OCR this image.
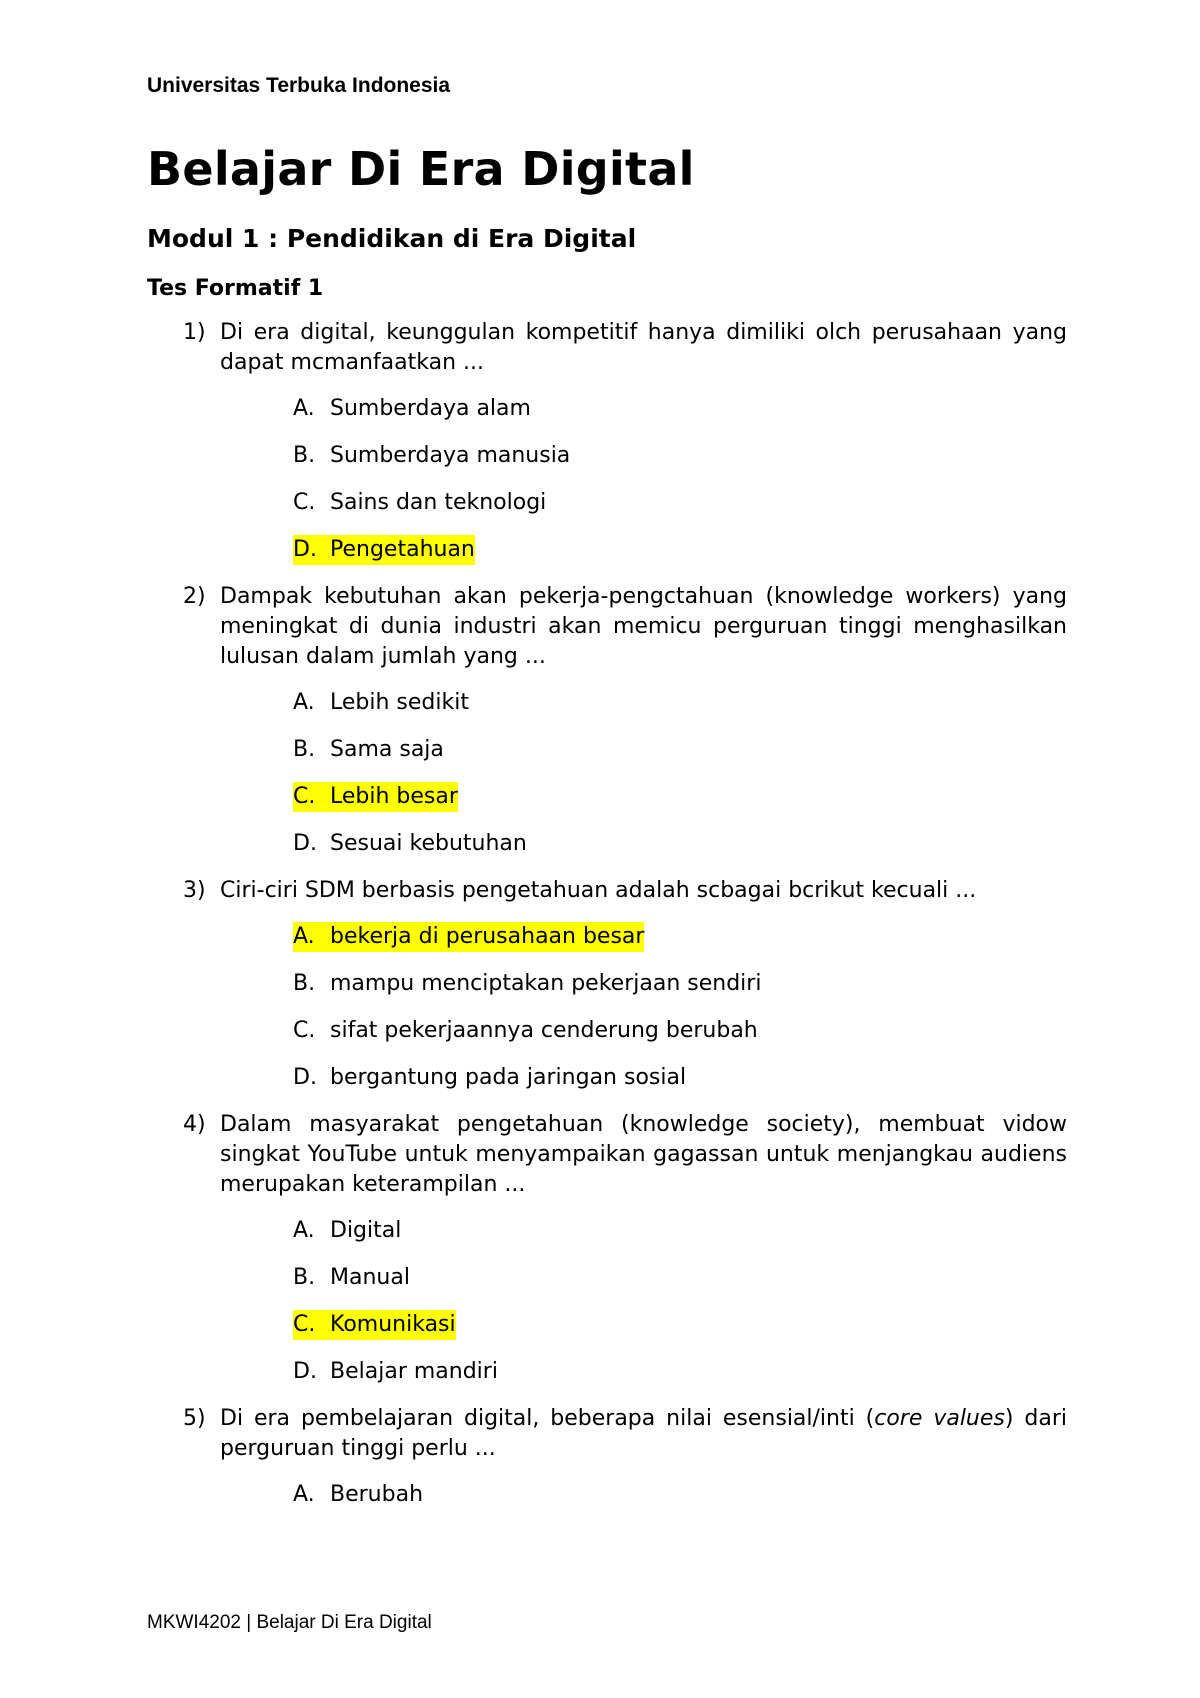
Universitas Terbuka Indonesia
Belajar Di Era Digital
Modul 1 : Pendidikan di Era Digital
Tes Formatif 1

1) Di era digital, keunggulan kompetitif hanya dimiliki olch perusahaan yang dapat mcmanfaatkan ...

A. Sumberdaya alam
B. Sumberdaya manusia
C. Sains dan teknologi
D. Pengetahuan

2) Dampak kebutuhan akan pekerja-pengctahuan (knowledge workers) yang meningkat di dunia industri akan memicu perguruan tinggi menghasilkan lulusan dalam jumlah yang ...

A. Lebih sedikit
B. Sama saja
C. Lebih besar
D. Sesuai kebutuhan

3) Ciri-ciri SDM berbasis pengetahuan adalah scbagai bcrikut kecuali ...

A. bekerja di perusahaan besar
B. mampu menciptakan pekerjaan sendiri
C. sifat pekerjaannya cenderung berubah
D. bergantung pada jaringan sosial

4) Dalam masyarakat pengetahuan (knowledge society), membuat vidow singkat YouTube untuk menyampaikan gagassan untuk menjangkau audiens merupakan keterampilan ...

A. Digital
B. Manual
C. Komunikasi
D. Belajar mandiri

5) Di era pembelajaran digital, beberapa nilai esensial/inti (core values) dari perguruan tinggi perlu ...

A. Berubah
MKWI4202 | Belajar Di Era Digital
